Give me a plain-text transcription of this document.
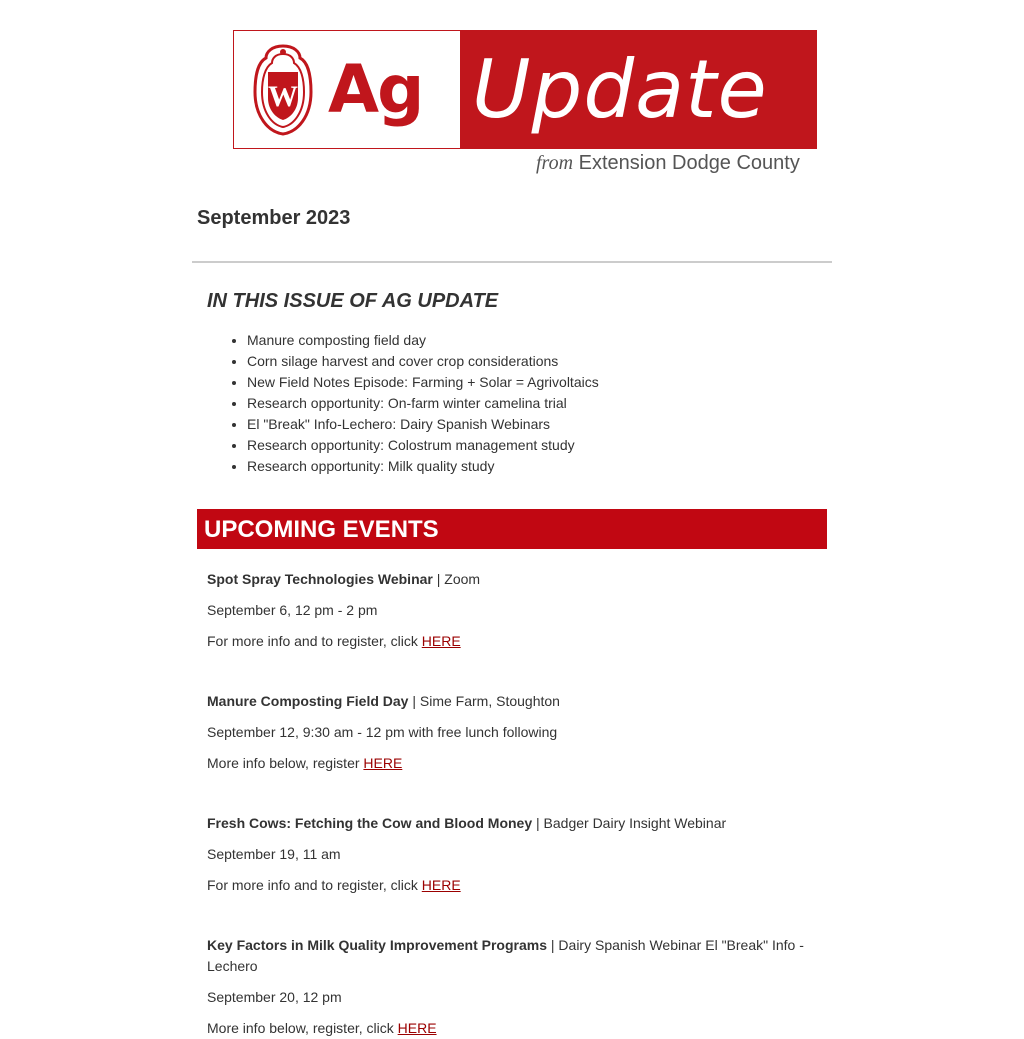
W Ag Update
from Extension Dodge County
September 2023
IN THIS ISSUE OF AG UPDATE
• Manure composting field day
• Corn silage harvest and cover crop considerations
• New Field Notes Episode: Farming + Solar = Agrivoltaics
• Research opportunity: On-farm winter camelina trial
• El "Break" Info-Lechero: Dairy Spanish Webinars
• Research opportunity: Colostrum management study
• Research opportunity: Milk quality study
UPCOMING EVENTS

Spot Spray Technologies Webinar | Zoom

September 6, 12 pm - 2 pm

For more info and to register, click HERE

Manure Composting Field Day | Sime Farm, Stoughton

September 12, 9:30 am - 12 pm with free lunch following

More info below, register HERE

Fresh Cows: Fetching the Cow and Blood Money | Badger Dairy Insight Webinar

September 19, 11 am

For more info and to register, click HERE

Key Factors in Milk Quality Improvement Programs | Dairy Spanish Webinar El "Break" Info - Lechero

September 20, 12 pm

More info below, register, click HERE
